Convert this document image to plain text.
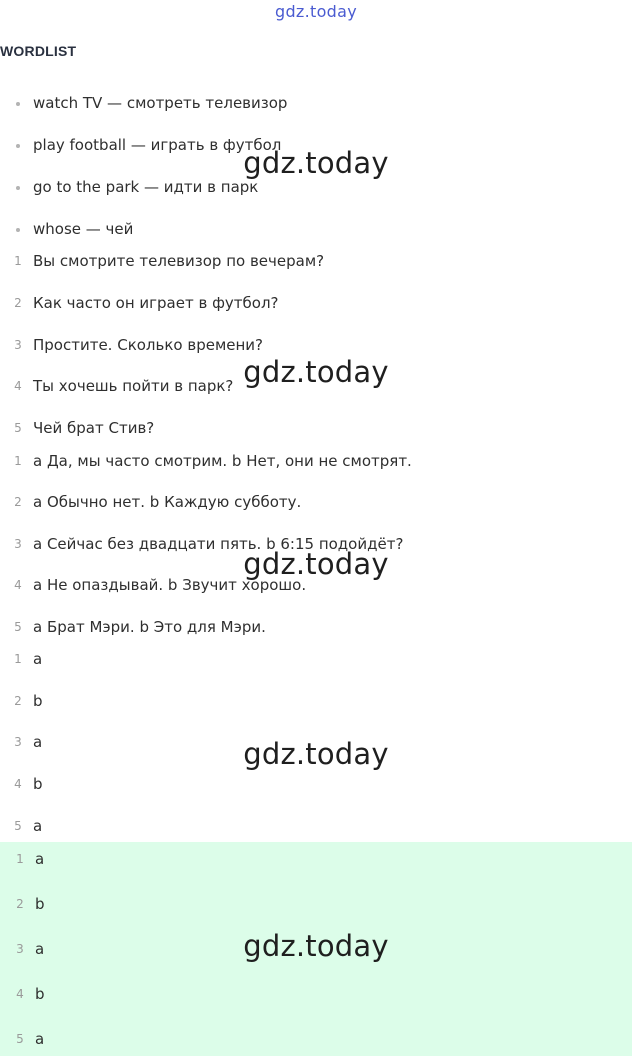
gdz.today
WORDLIST
watch TV — смотреть телевизор
play football — играть в футбол
go to the park — идти в парк
whose — чей
1 Вы смотрите телевизор по вечерам?
2 Как часто он играет в футбол?
3 Простите. Сколько времени?
4 Ты хочешь пойти в парк?
5 Чей брат Стив?
1 a Да, мы часто смотрим. b Нет, они не смотрят.
2 a Обычно нет. b Каждую субботу.
3 a Сейчас без двадцати пять. b 6:15 подойдёт?
4 a Не опаздывай. b Звучит хорошо.
5 a Брат Мэри. b Это для Мэри.
1 a
2 b
3 a
4 b
5 a
1 a
2 b
3 a
4 b
5 a
gdz.today
gdz.today
gdz.today
gdz.today
gdz.today
